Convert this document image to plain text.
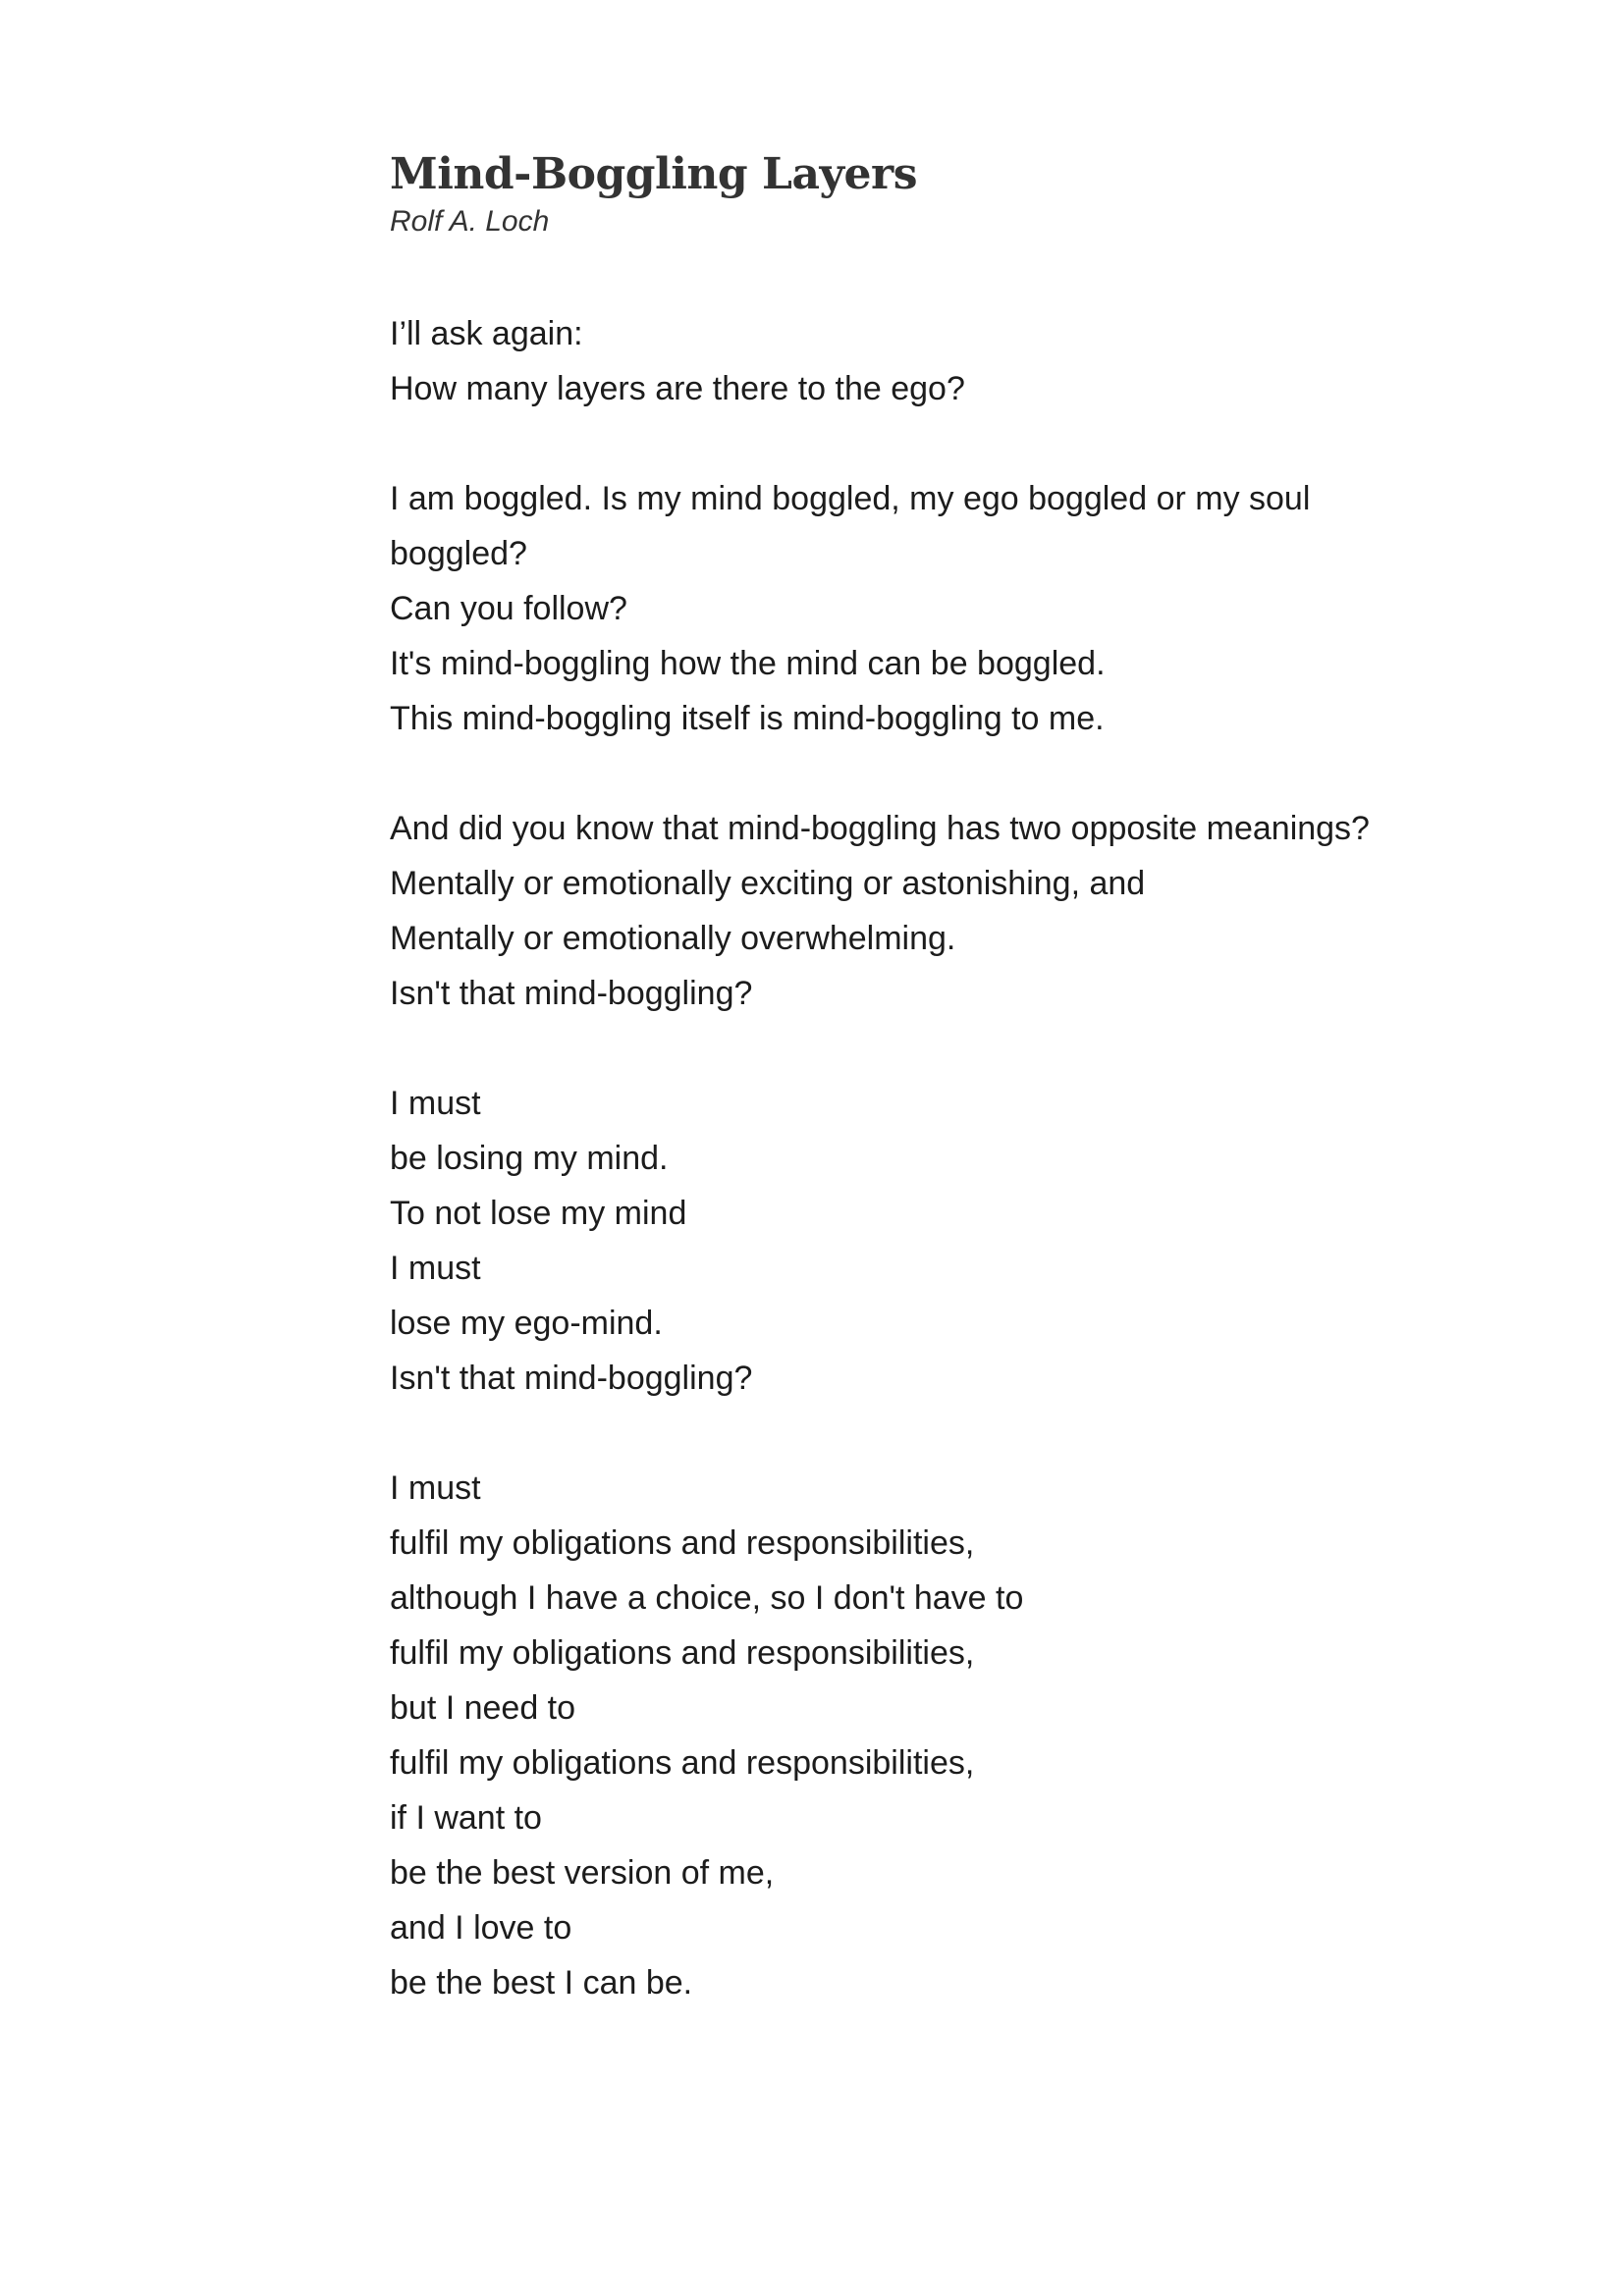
Mind-Boggling Layers

Rolf A. Loch

I’ll ask again:
How many layers are there to the ego?
I am boggled. Is my mind boggled, my ego boggled or my soul
boggled?
Can you follow?
It's mind-boggling how the mind can be boggled.
This mind-boggling itself is mind-boggling to me.
And did you know that mind-boggling has two opposite meanings?
Mentally or emotionally exciting or astonishing, and
Mentally or emotionally overwhelming.
Isn't that mind-boggling?
I must
be losing my mind.
To not lose my mind
I must
lose my ego-mind.
Isn't that mind-boggling?
I must
fulfil my obligations and responsibilities,
although I have a choice, so I don't have to
fulfil my obligations and responsibilities,
but I need to
fulfil my obligations and responsibilities,
if I want to
be the best version of me,
and I love to
be the best I can be.
